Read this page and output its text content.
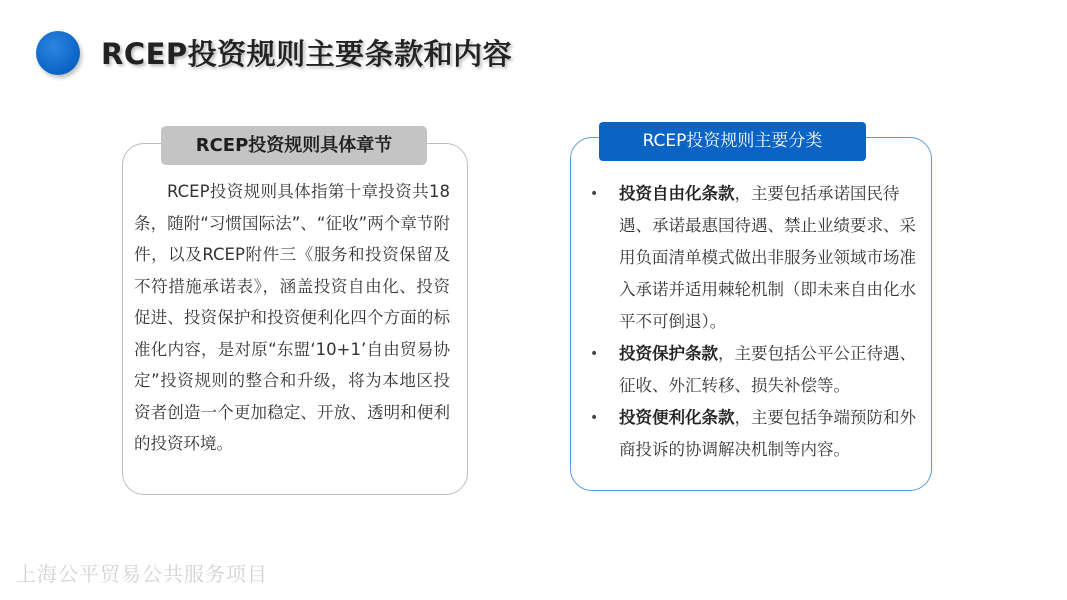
RCEP投资规则主要条款和内容
RCEP投资规则具体章节
RCEP投资规则具体指第十章投资共18条，随附“习惯国际法”、“征收”两个章节附件，以及RCEP附件三《服务和投资保留及不符措施承诺表》，涵盖投资自由化、投资促进、投资保护和投资便利化四个方面的标准化内容，是对原“东盟‘10+1’自由贸易协定”投资规则的整合和升级，将为本地区投资者创造一个更加稳定、开放、透明和便利的投资环境。
RCEP投资规则主要分类
• 投资自由化条款，主要包括承诺国民待遇、承诺最惠国待遇、禁止业绩要求、采用负面清单模式做出非服务业领域市场准入承诺并适用棘轮机制（即未来自由化水平不可倒退）。
• 投资保护条款，主要包括公平公正待遇、征收、外汇转移、损失补偿等。
• 投资便利化条款，主要包括争端预防和外商投诉的协调解决机制等内容。
上海公平贸易公共服务项目
